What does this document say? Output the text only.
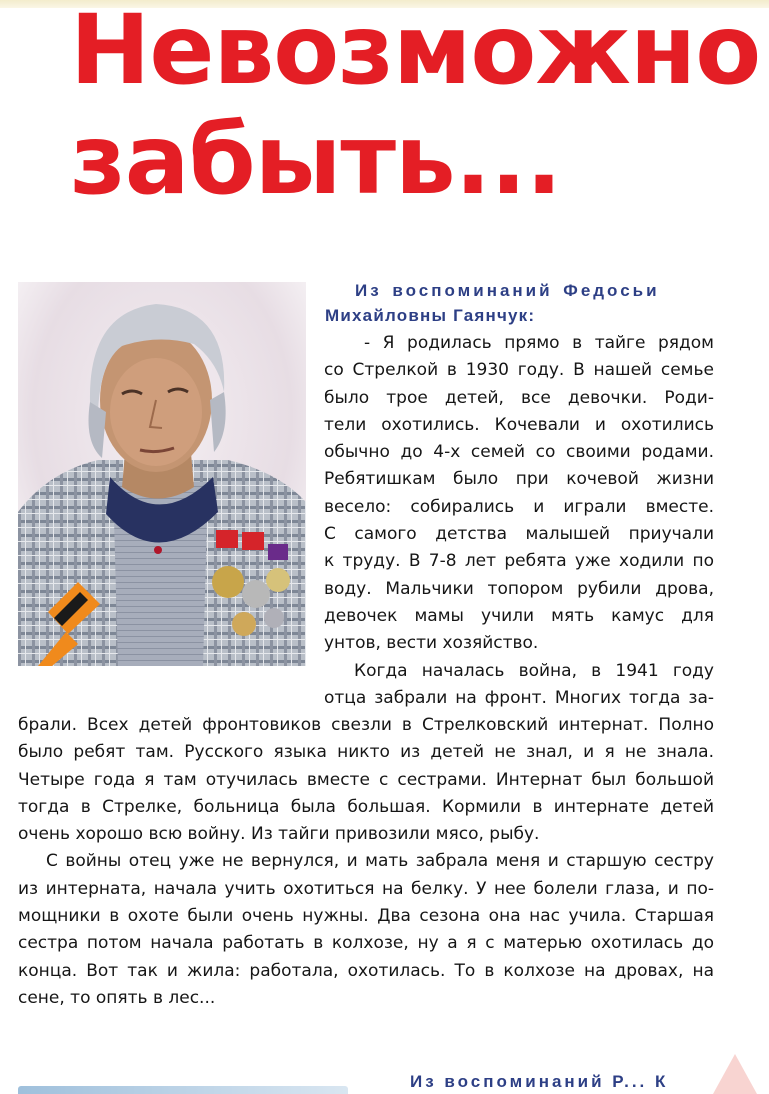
Невозможно
забыть...
Из воспоминаний Федосьи
Михайловны Гаянчук:
- Я родилась прямо в тайге рядом
со Стрелкой в 1930 году. В нашей семье
было трое детей, все девочки. Роди-
тели охотились. Кочевали и охотились
обычно до 4-х семей со своими родами.
Ребятишкам было при кочевой жизни
весело: собирались и играли вместе.
С самого детства малышей приучали
к труду. В 7-8 лет ребята уже ходили по
воду. Мальчики топором рубили дрова,
девочек мамы учили мять камус для
унтов, вести хозяйство.
Когда началась война, в 1941 году
отца забрали на фронт. Многих тогда за-
брали. Всех детей фронтовиков свезли в Стрелковский интернат. Полно
было ребят там. Русского языка никто из детей не знал, и я не знала.
Четыре года я там отучилась вместе с сестрами. Интернат был большой
тогда в Стрелке, больница была большая. Кормили в интернате детей
очень хорошо всю войну. Из тайги привозили мясо, рыбу.
С войны отец уже не вернулся, и мать забрала меня и старшую сестру
из интерната, начала учить охотиться на белку. У нее болели глаза, и по-
мощники в охоте были очень нужны. Два сезона она нас учила. Старшая
сестра потом начала работать в колхозе, ну а я с матерью охотилась до
конца. Вот так и жила: работала, охотилась. То в колхозе на дровах, на
сене, то опять в лес...
Из воспоминаний Р... К
